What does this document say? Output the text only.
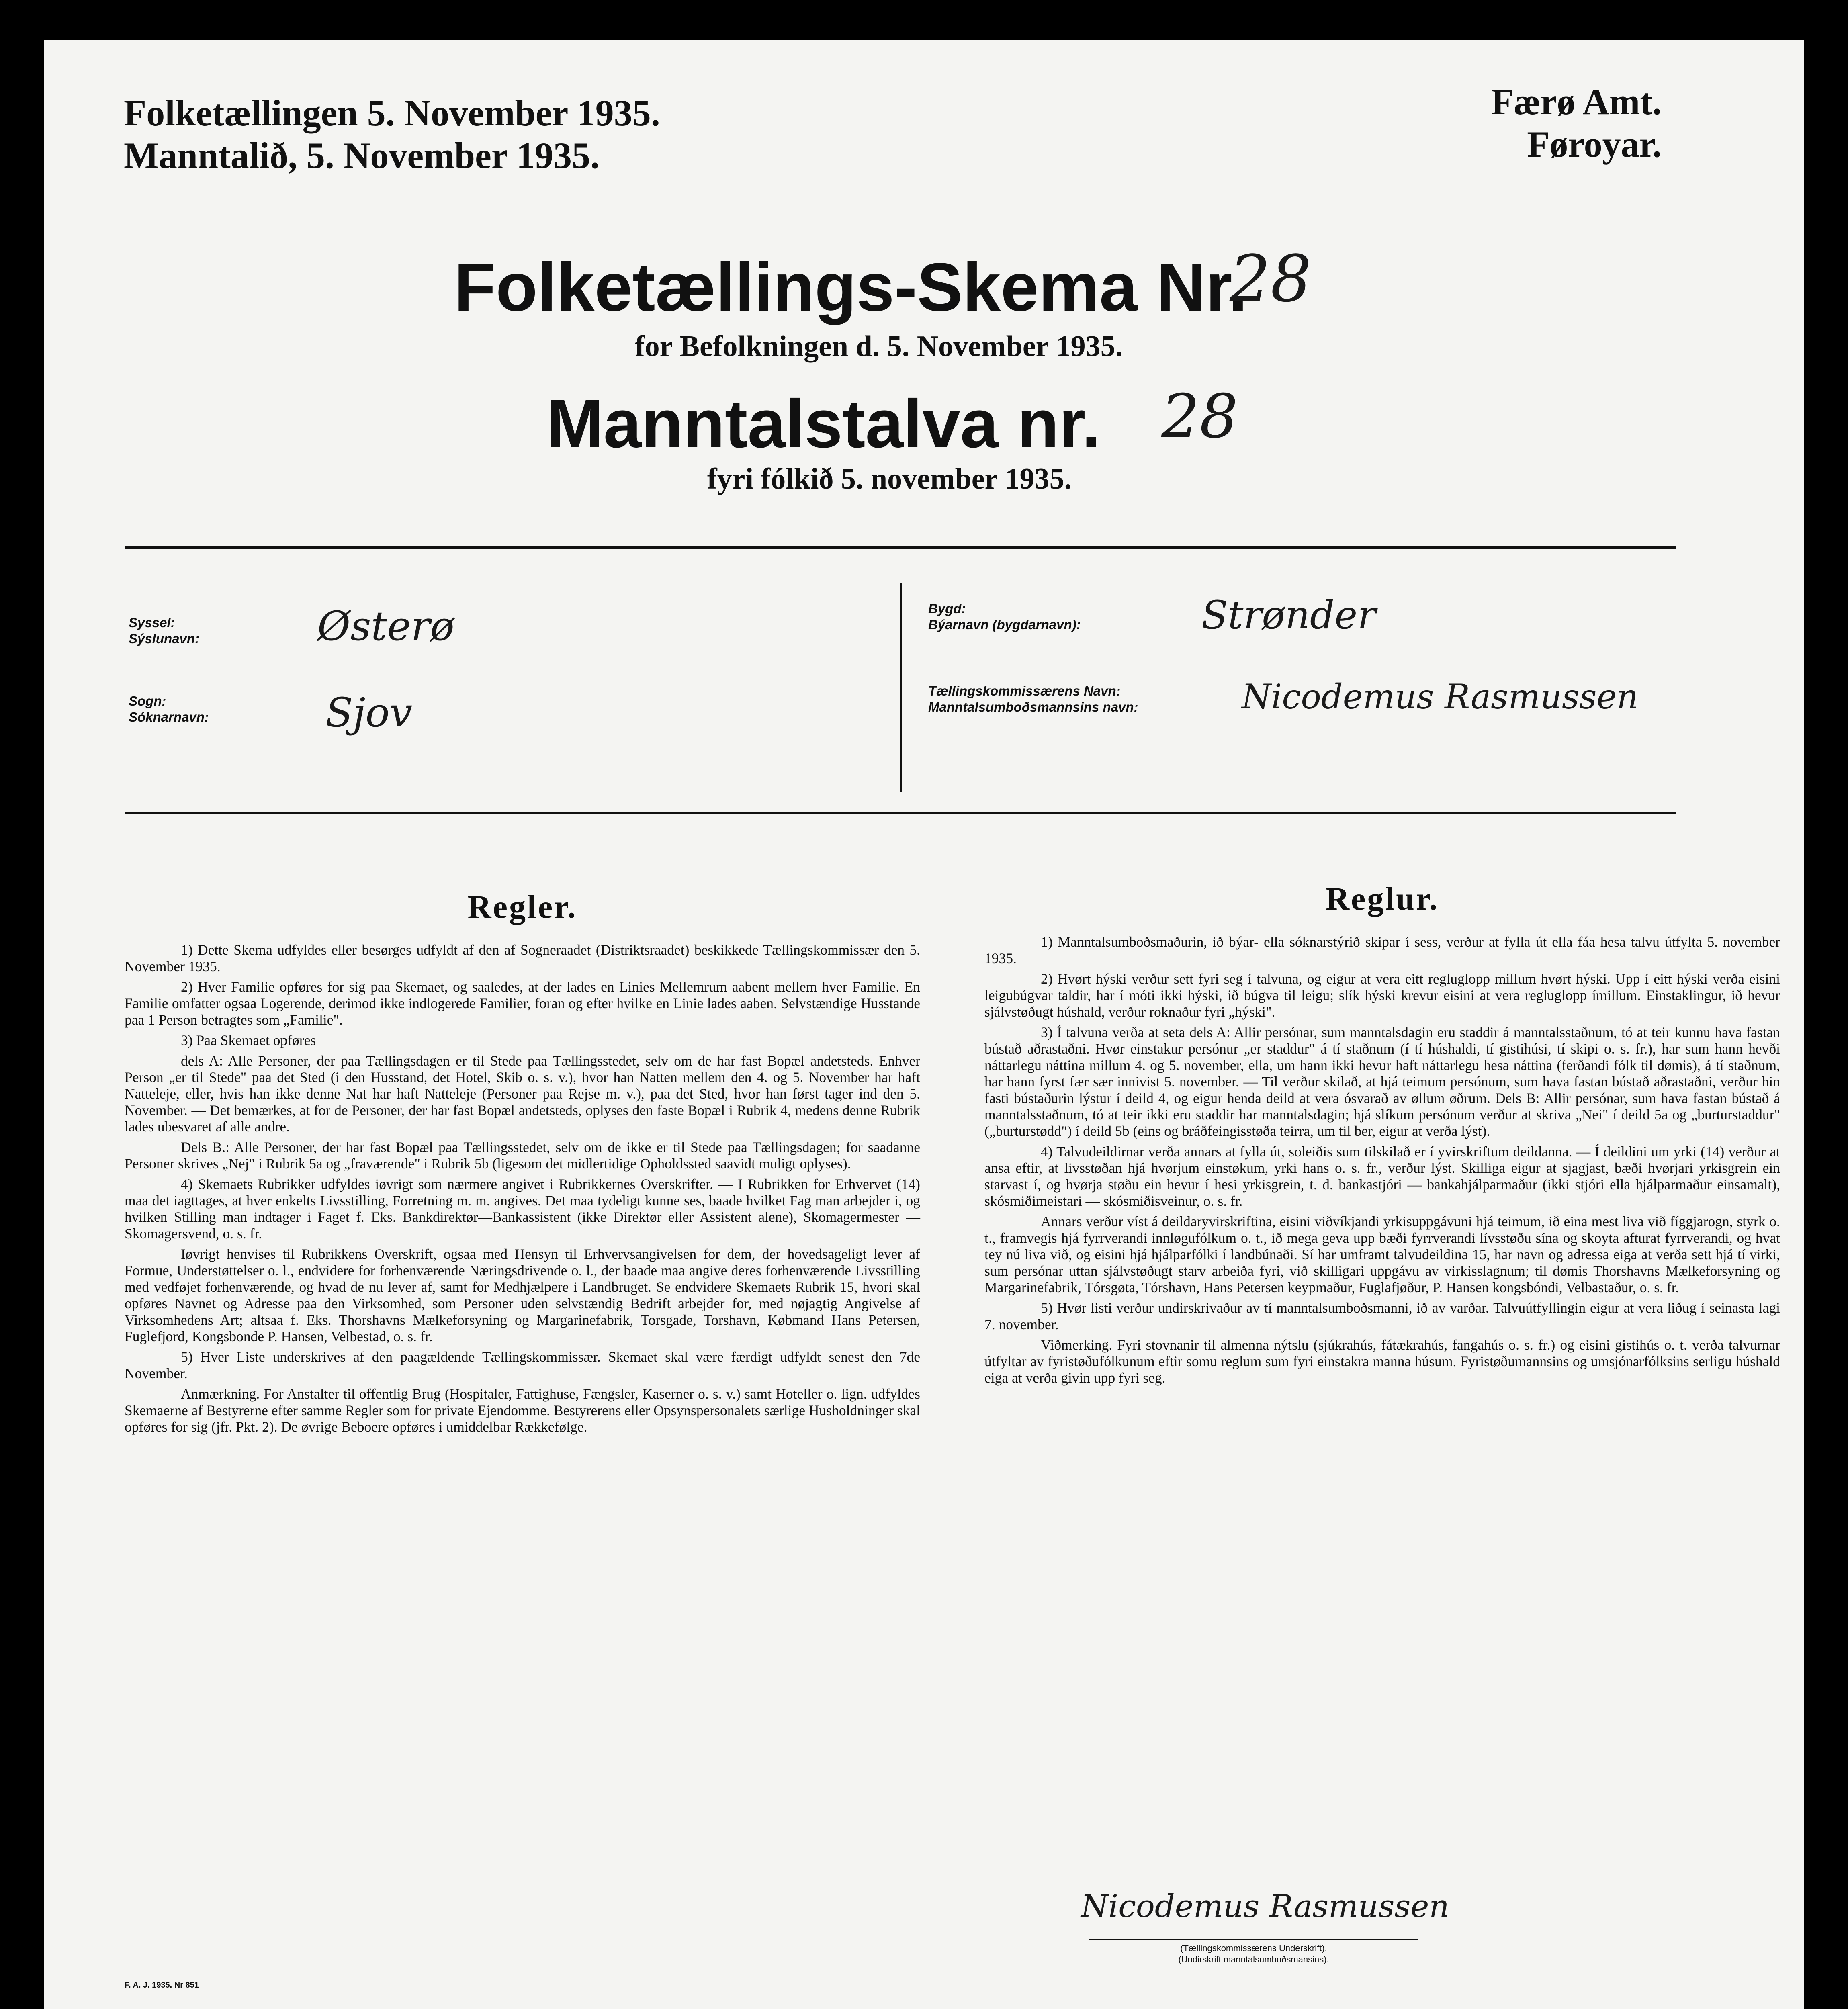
Folketællingen 5. November 1935.
Manntalið, 5. November 1935.
Færø Amt.
Føroyar.
Folketællings-Skema Nr.
28
for Befolkningen d. 5. November 1935.
Manntalstalva nr. 28
fyri fólkið 5. november 1935.
Syssel:
Sýslunavn:	Østerø
Sogn:
Sóknarnavn:	Sjov
Bygd:
Býarnavn (bygdarnavn):	Strønder
Tællingskommissærens Navn:
Manntalsumboðsmannsins navn:	Nicodemus Rasmussen
Regler.

1) Dette Skema udfyldes eller besørges udfyldt af den af Sogneraadet (Distriktsraadet) beskikkede Tællingskommissær den 5. November 1935.

2) Hver Familie opføres for sig paa Skemaet, og saaledes, at der lades en Linies Mellemrum aabent mellem hver Familie. En Familie omfatter ogsaa Logerende, derimod ikke indlogerede Familier, foran og efter hvilke en Linie lades aaben. Selvstændige Husstande paa 1 Person betragtes som „Familie".

3) Paa Skemaet opføres

dels A: Alle Personer, der paa Tællingsdagen er til Stede paa Tællingsstedet, selv om de har fast Bopæl andetsteds. Enhver Person „er til Stede" paa det Sted (i den Husstand, det Hotel, Skib o. s. v.), hvor han Natten mellem den 4. og 5. November har haft Natteleje, eller, hvis han ikke denne Nat har haft Natteleje (Personer paa Rejse m. v.), paa det Sted, hvor han først tager ind den 5. November. — Det bemærkes, at for de Personer, der har fast Bopæl andetsteds, oplyses den faste Bopæl i Rubrik 4, medens denne Rubrik lades ubesvaret af alle andre.

Dels B.: Alle Personer, der har fast Bopæl paa Tællingsstedet, selv om de ikke er til Stede paa Tællingsdagen; for saadanne Personer skrives „Nej" i Rubrik 5a og „fraværende" i Rubrik 5b (ligesom det midlertidige Opholdssted saavidt muligt oplyses).

4) Skemaets Rubrikker udfyldes iøvrigt som nærmere angivet i Rubrikkernes Overskrifter. — I Rubrikken for Erhvervet (14) maa det iagttages, at hver enkelts Livsstilling, Forretning m. m. angives. Det maa tydeligt kunne ses, baade hvilket Fag man arbejder i, og hvilken Stilling man indtager i Faget f. Eks. Bankdirektør—Bankassistent (ikke Direktør eller Assistent alene), Skomagermester — Skomagersvend, o. s. fr.

Iøvrigt henvises til Rubrikkens Overskrift, ogsaa med Hensyn til Erhvervsangivelsen for dem, der hovedsageligt lever af Formue, Understøttelser o. l., endvidere for forhenværende Næringsdrivende o. l., der baade maa angive deres forhenværende Livsstilling med vedføjet forhenværende, og hvad de nu lever af, samt for Medhjælpere i Landbruget. Se endvidere Skemaets Rubrik 15, hvori skal opføres Navnet og Adresse paa den Virksomhed, som Personer uden selvstændig Bedrift arbejder for, med nøjagtig Angivelse af Virksomhedens Art; altsaa f. Eks. Thorshavns Mælkeforsyning og Margarinefabrik, Torsgade, Torshavn, Købmand Hans Petersen, Fuglefjord, Kongsbonde P. Hansen, Velbestad, o. s. fr.

5) Hver Liste underskrives af den paagældende Tællingskommissær. Skemaet skal være færdigt udfyldt senest den 7de November.

Anmærkning. For Anstalter til offentlig Brug (Hospitaler, Fattighuse, Fængsler, Kaserner o. s. v.) samt Hoteller o. lign. udfyldes Skemaerne af Bestyrerne efter samme Regler som for private Ejendomme. Bestyrerens eller Opsynspersonalets særlige Husholdninger skal opføres for sig (jfr. Pkt. 2). De øvrige Beboere opføres i umiddelbar Rækkefølge.

Reglur.

1) Manntalsumboðsmaðurin, ið býar- ella sóknarstýrið skipar í sess, verður at fylla út ella fáa hesa talvu útfylta 5. november 1935.

2) Hvørt hýski verður sett fyri seg í talvuna, og eigur at vera eitt regluglopp millum hvørt hýski. Upp í eitt hýski verða eisini leigubúgvar taldir, har í móti ikki hýski, ið búgva til leigu; slík hýski krevur eisini at vera regluglopp ímillum. Einstaklingur, ið hevur sjálvstøðugt húshald, verður roknaður fyri „hýski".

3) Í talvuna verða at seta dels A: Allir persónar, sum manntalsdagin eru staddir á manntalsstaðnum, tó at teir kunnu hava fastan bústað aðrastaðni. Hvør einstakur persónur „er staddur" á tí staðnum (í tí húshaldi, tí gistihúsi, tí skipi o. s. fr.), har sum hann hevði náttarlegu náttina millum 4. og 5. november, ella, um hann ikki hevur haft náttarlegu hesa náttina (ferðandi fólk til dømis), á tí staðnum, har hann fyrst fær sær innivist 5. november. — Til verður skilað, at hjá teimum persónum, sum hava fastan bústað aðrastaðni, verður hin fasti bústaðurin lýstur í deild 4, og eigur henda deild at vera ósvarað av øllum øðrum. Dels B: Allir persónar, sum hava fastan bústað á manntalsstaðnum, tó at teir ikki eru staddir har manntalsdagin; hjá slíkum persónum verður at skriva „Nei" í deild 5a og „burturstaddur" („burturstødd") í deild 5b (eins og bráðfeingisstøða teirra, um til ber, eigur at verða lýst).

4) Talvudeildirnar verða annars at fylla út, soleiðis sum tilskilað er í yvirskriftum deildanna. — Í deildini um yrki (14) verður at ansa eftir, at livsstøðan hjá hvørjum einstøkum, yrki hans o. s. fr., verður lýst. Skilliga eigur at sjagjast, bæði hvørjari yrkisgrein ein starvast í, og hvørja støðu ein hevur í hesi yrkisgrein, t. d. bankastjóri — bankahjálparmaður (ikki stjóri ella hjálparmaður einsamalt), skósmiðimeistari — skósmiðisveinur, o. s. fr.

Annars verður víst á deildaryvirskriftina, eisini viðvíkjandi yrkisuppgávuni hjá teimum, ið eina mest liva við fíggjarogn, styrk o. t., framvegis hjá fyrrverandi innløgufólkum o. t., ið mega geva upp bæði fyrrverandi lívsstøðu sína og skoyta afturat fyrrverandi, og hvat tey nú liva við, og eisini hjá hjálparfólki í landbúnaði. Sí har umframt talvudeildina 15, har navn og adressa eiga at verða sett hjá tí virki, sum persónar uttan sjálvstøðugt starv arbeiða fyri, við skilligari uppgávu av virkisslagnum; til dømis Thorshavns Mælkeforsyning og Margarinefabrik, Tórsgøta, Tórshavn, Hans Petersen keypmaður, Fuglafjøður, P. Hansen kongsbóndi, Velbastaður, o. s. fr.

5) Hvør listi verður undirskrivaður av tí manntalsumboðsmanni, ið av varðar. Talvuútfyllingin eigur at vera liðug í seinasta lagi 7. november.

Viðmerking. Fyri stovnanir til almenna nýtslu (sjúkrahús, fátækrahús, fangahús o. s. fr.) og eisini gistihús o. t. verða talvurnar útfyltar av fyristøðufólkunum eftir somu reglum sum fyri einstakra manna húsum. Fyristøðumannsins og umsjónarfólksins serligu húshald eiga at verða givin upp fyri seg.

Nicodemus Rasmussen
(Tællingskommissærens Underskrift).
(Undirskrift manntalsumboðsmansins).
F. A. J. 1935. Nr 851
